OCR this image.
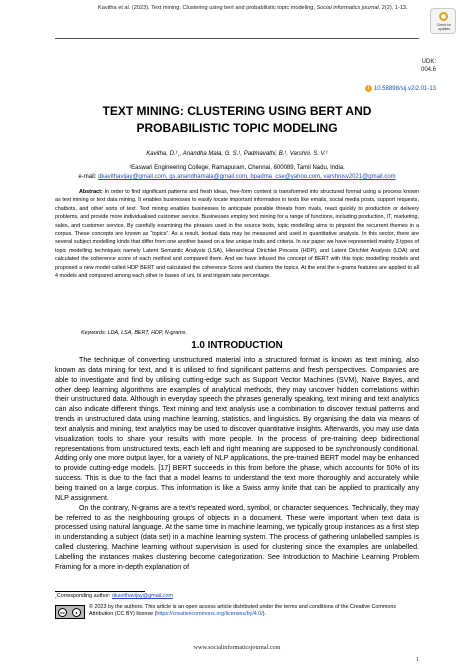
Kavitha et al. (2023). Text mining: Clustering using bert and probabilistic topic modeling, Social informatics journal, 2(2), 1-13.
Check for updates
UDK:
004.6
i 10.58898/sij.v2i2.01-13
TEXT MINING: CLUSTERING USING BERT AND PROBABILISTIC TOPIC MODELING
Kavitha, D.¹¸, Anandha Mala, G. S.¹, Padmavathi, B.¹, Varshni. S. V.¹
¹Easwari Engineering College, Ramapuram, Chennai, 600089, Tamil Nadu, India.
e-mail: dkavithavijay@gmail.com, gs.anandhamala@gmail.com, bpadma_cse@yahoo.com, varshnisv2021@gmail.com
Abstract: In order to find significant patterns and fresh ideas, free-form content is transformed into structured format using a process known as text mining or text data mining. It enables businesses to easily locate important information in texts like emails, social media posts, support requests, chatbots, and other sorts of text. Text mining enables businesses to anticipate possible threats from rivals, react quickly to production or delivery problems, and provide more individualised customer service. Businesses employ text mining for a range of functions, including production, IT, marketing, sales, and customer service. By carefully examining the phrases used in the source texts, topic modelling aims to pinpoint the recurrent themes in a corpus. These concepts are known as “topics”. As a result, textual data may be measured and used in quantitative analysis. In this sector, there are several subject modelling kinds that differ from one another based on a few unique traits and criteria. In our paper we have represented mainly 3 types of topic modelling techniques namely Latent Semantic Analysis (LSA), Hierarchical Dirichlet Process (HDP), and Latent Dirichlet Analysis (LDA) and calculated the coherence score of each method and compared them. And we have infused the concept of BERT with this topic modelling models and proposed a new model called HDP BERT and calculated the coherence Score and clusters the topics. At the end the n-grams features are applied to all 4 models and compared among each other in bases of uni, bi and trigram rate percentage.
Keywords: LDA, LSA, BERT, HDP, N-grams.
1.0 INTRODUCTION

The technique of converting unstructured material into a structured format is known as text mining, also known as data mining for text, and it is utilised to find significant patterns and fresh perspectives. Companies are able to investigate and find by utilising cutting-edge such as Support Vector Machines (SVM), Naive Bayes, and other deep learning algorithms are examples of analytical methods, they may uncover hidden correlations within their unstructured data. Although in everyday speech the phrases generally speaking, text mining and text analytics can also indicate different things. Text mining and text analysis use a combination to discover textual patterns and trends in unstructured data using machine learning, statistics, and linguistics. By organising the data via means of text analysis and mining, text analytics may be used to discover quantitative insights. Afterwards, you may use data visualization tools to share your results with more people. In the process of pre-training deep bidirectional representations from unstructured texts, each left and right meaning are supposed to be synchronously conditional. Adding only one more output layer, for a variety of NLP applications, the pre-trained BERT model may be enhanced to provide cutting-edge models. [17] BERT succeeds in this from before the phase, which accounts for 50% of its success. This is due to the fact that a model learns to understand the text more thoroughly and accurately while being trained on a large corpus. This information is like a Swiss army knife that can be applied to practically any NLP assignment.

On the contrary, N-grams are a text’s repeated word, symbol, or character sequences. Technically, they may be referred to as the neighbouring groups of objects in a document. These were important when text data is processed using natural language. At the same time in machine learning, we typically group instances as a first step in understanding a subject (data set) in a machine learning system. The process of gathering unlabelled samples is called clustering. Machine learning without supervision is used for clustering since the examples are unlabelled. Labelling the instances makes clustering become categorization. See Introduction to Machine Learning Problem Framing for a more in-depth explanation of

¸Corresponding author: dkavithavijay@gmail.com
cc	●
© 2023 by the authors. This article is an open access article distributed under the terms and conditions of the Creative Commons Attribution (CC BY) license (https://creativecommons.org/licenses/by/4.0/).
www.socialinformaticsjournal.com
1
